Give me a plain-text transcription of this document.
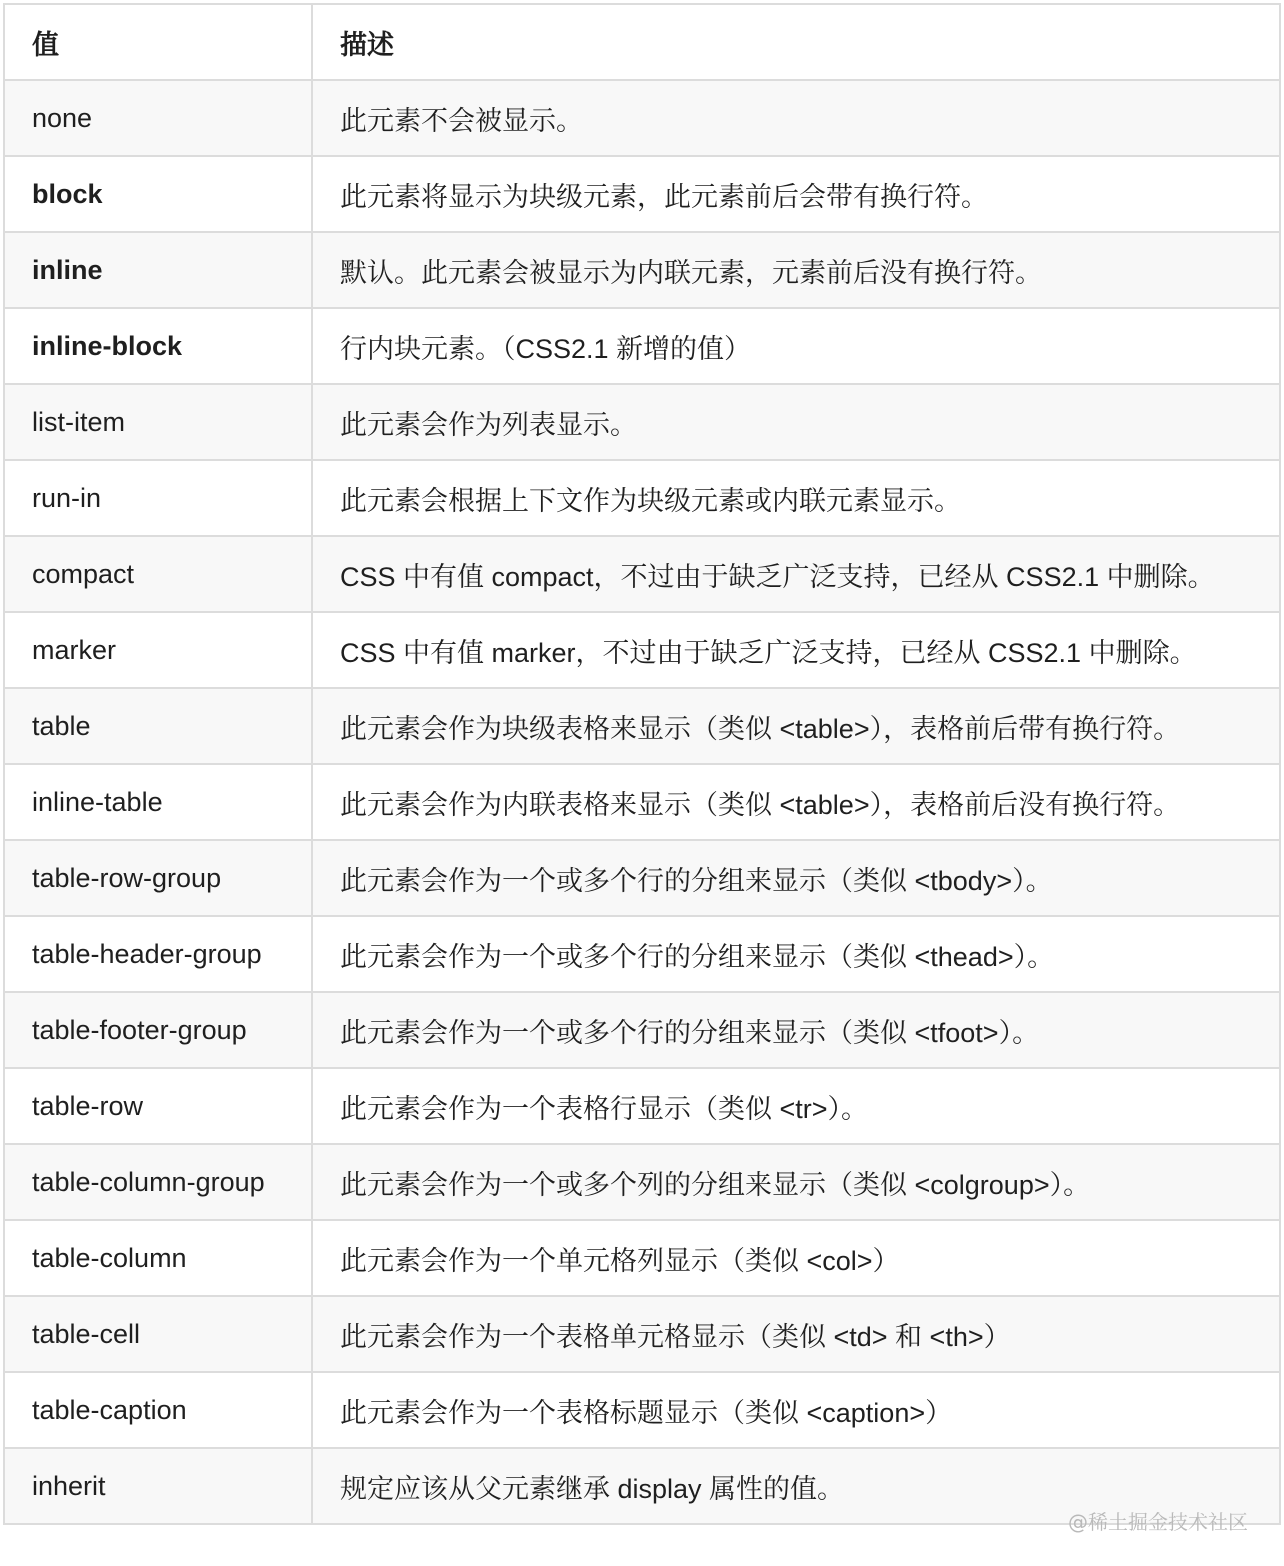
值	描述
none	此元素不会被显示。
block	此元素将显示为块级元素，此元素前后会带有换行符。
inline	默认。此元素会被显示为内联元素，元素前后没有换行符。
inline-block	行内块元素。（CSS2.1 新增的值）
list-item	此元素会作为列表显示。
run-in	此元素会根据上下文作为块级元素或内联元素显示。
compact	CSS 中有值 compact，不过由于缺乏广泛支持，已经从 CSS2.1 中删除。
marker	CSS 中有值 marker，不过由于缺乏广泛支持，已经从 CSS2.1 中删除。
table	此元素会作为块级表格来显示（类似 <table>），表格前后带有换行符。
inline-table	此元素会作为内联表格来显示（类似 <table>），表格前后没有换行符。
table-row-group	此元素会作为一个或多个行的分组来显示（类似 <tbody>）。
table-header-group	此元素会作为一个或多个行的分组来显示（类似 <thead>）。
table-footer-group	此元素会作为一个或多个行的分组来显示（类似 <tfoot>）。
table-row	此元素会作为一个表格行显示（类似 <tr>）。
table-column-group	此元素会作为一个或多个列的分组来显示（类似 <colgroup>）。
table-column	此元素会作为一个单元格列显示（类似 <col>）
table-cell	此元素会作为一个表格单元格显示（类似 <td> 和 <th>）
table-caption	此元素会作为一个表格标题显示（类似 <caption>）
inherit	规定应该从父元素继承 display 属性的值。
@稀土掘金技术社区
